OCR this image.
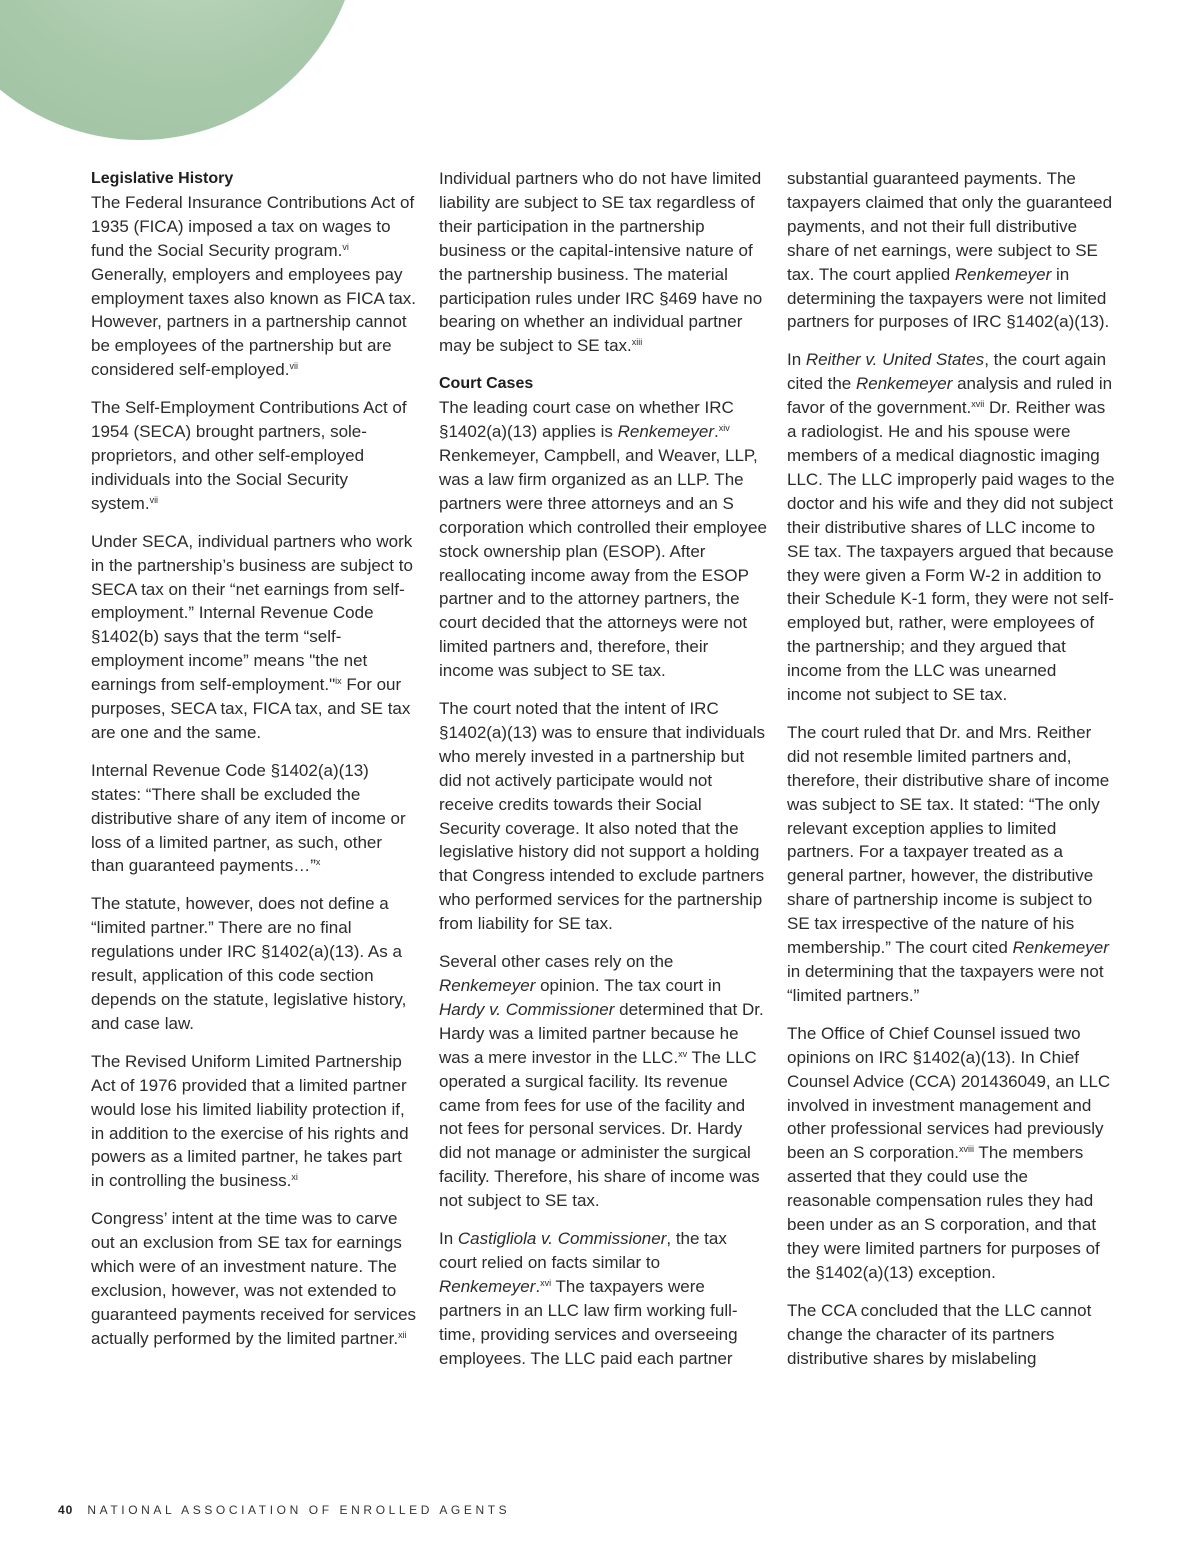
Legislative History

The Federal Insurance Contributions Act of 1935 (FICA) imposed a tax on wages to fund the Social Security program.$^{vi}$ Generally, employers and employees pay employment taxes also known as FICA tax. However, partners in a partnership cannot be employees of the partnership but are considered self-employed.$^{vii}$

The Self-Employment Contributions Act of 1954 (SECA) brought partners, sole-proprietors, and other self-employed individuals into the Social Security system.$^{vii}$

Under SECA, individual partners who work in the partnership’s business are subject to SECA tax on their “net earnings from self-employment.” Internal Revenue Code §1402(b) says that the term “self-employment income” means "the net earnings from self-employment."$^{ix}$ For our purposes, SECA tax, FICA tax, and SE tax are one and the same.

Internal Revenue Code §1402(a)(13) states: “There shall be excluded the distributive share of any item of income or loss of a limited partner, as such, other than guaranteed payments…”$^x$

The statute, however, does not define a “limited partner.” There are no final regulations under IRC §1402(a)(13). As a result, application of this code section depends on the statute, legislative history, and case law.

The Revised Uniform Limited Partnership Act of 1976 provided that a limited partner would lose his limited liability protection if, in addition to the exercise of his rights and powers as a limited partner, he takes part in controlling the business.$^{xi}$

Congress’ intent at the time was to carve out an exclusion from SE tax for earnings which were of an investment nature. The exclusion, however, was not extended to guaranteed payments received for services actually performed by the limited partner.$^{xii}$

Individual partners who do not have limited liability are subject to SE tax regardless of their participation in the partnership business or the capital-intensive nature of the partnership business. The material participation rules under IRC §469 have no bearing on whether an individual partner may be subject to SE tax.$^{xiii}$

Court Cases

The leading court case on whether IRC §1402(a)(13) applies is Renkemeyer.$^{xiv}$ Renkemeyer, Campbell, and Weaver, LLP, was a law firm organized as an LLP. The partners were three attorneys and an S corporation which controlled their employee stock ownership plan (ESOP). After reallocating income away from the ESOP partner and to the attorney partners, the court decided that the attorneys were not limited partners and, therefore, their income was subject to SE tax.

The court noted that the intent of IRC §1402(a)(13) was to ensure that individuals who merely invested in a partnership but did not actively participate would not receive credits towards their Social Security coverage. It also noted that the legislative history did not support a holding that Congress intended to exclude partners who performed services for the partnership from liability for SE tax.

Several other cases rely on the Renkemeyer opinion. The tax court in Hardy v. Commissioner determined that Dr. Hardy was a limited partner because he was a mere investor in the LLC.$^{xv}$ The LLC operated a surgical facility. Its revenue came from fees for use of the facility and not fees for personal services. Dr. Hardy did not manage or administer the surgical facility. Therefore, his share of income was not subject to SE tax.

In Castigliola v. Commissioner, the tax court relied on facts similar to Renkemeyer.$^{xvi}$ The taxpayers were partners in an LLC law firm working full-time, providing services and overseeing employees. The LLC paid each partner

substantial guaranteed payments. The taxpayers claimed that only the guaranteed payments, and not their full distributive share of net earnings, were subject to SE tax. The court applied Renkemeyer in determining the taxpayers were not limited partners for purposes of IRC §1402(a)(13).

In Reither v. United States, the court again cited the Renkemeyer analysis and ruled in favor of the government.$^{xvii}$ Dr. Reither was a radiologist. He and his spouse were members of a medical diagnostic imaging LLC. The LLC improperly paid wages to the doctor and his wife and they did not subject their distributive shares of LLC income to SE tax. The taxpayers argued that because they were given a Form W-2 in addition to their Schedule K-1 form, they were not self-employed but, rather, were employees of the partnership; and they argued that income from the LLC was unearned income not subject to SE tax.

The court ruled that Dr. and Mrs. Reither did not resemble limited partners and, therefore, their distributive share of income was subject to SE tax. It stated: “The only relevant exception applies to limited partners. For a taxpayer treated as a general partner, however, the distributive share of partnership income is subject to SE tax irrespective of the nature of his membership.” The court cited Renkemeyer in determining that the taxpayers were not “limited partners.”

The Office of Chief Counsel issued two opinions on IRC §1402(a)(13). In Chief Counsel Advice (CCA) 201436049, an LLC involved in investment management and other professional services had previously been an S corporation.$^{xviii}$ The members asserted that they could use the reasonable compensation rules they had been under as an S corporation, and that they were limited partners for purposes of the §1402(a)(13) exception.

The CCA concluded that the LLC cannot change the character of its partners distributive shares by mislabeling

40 NATIONAL ASSOCIATION OF ENROLLED AGENTS
